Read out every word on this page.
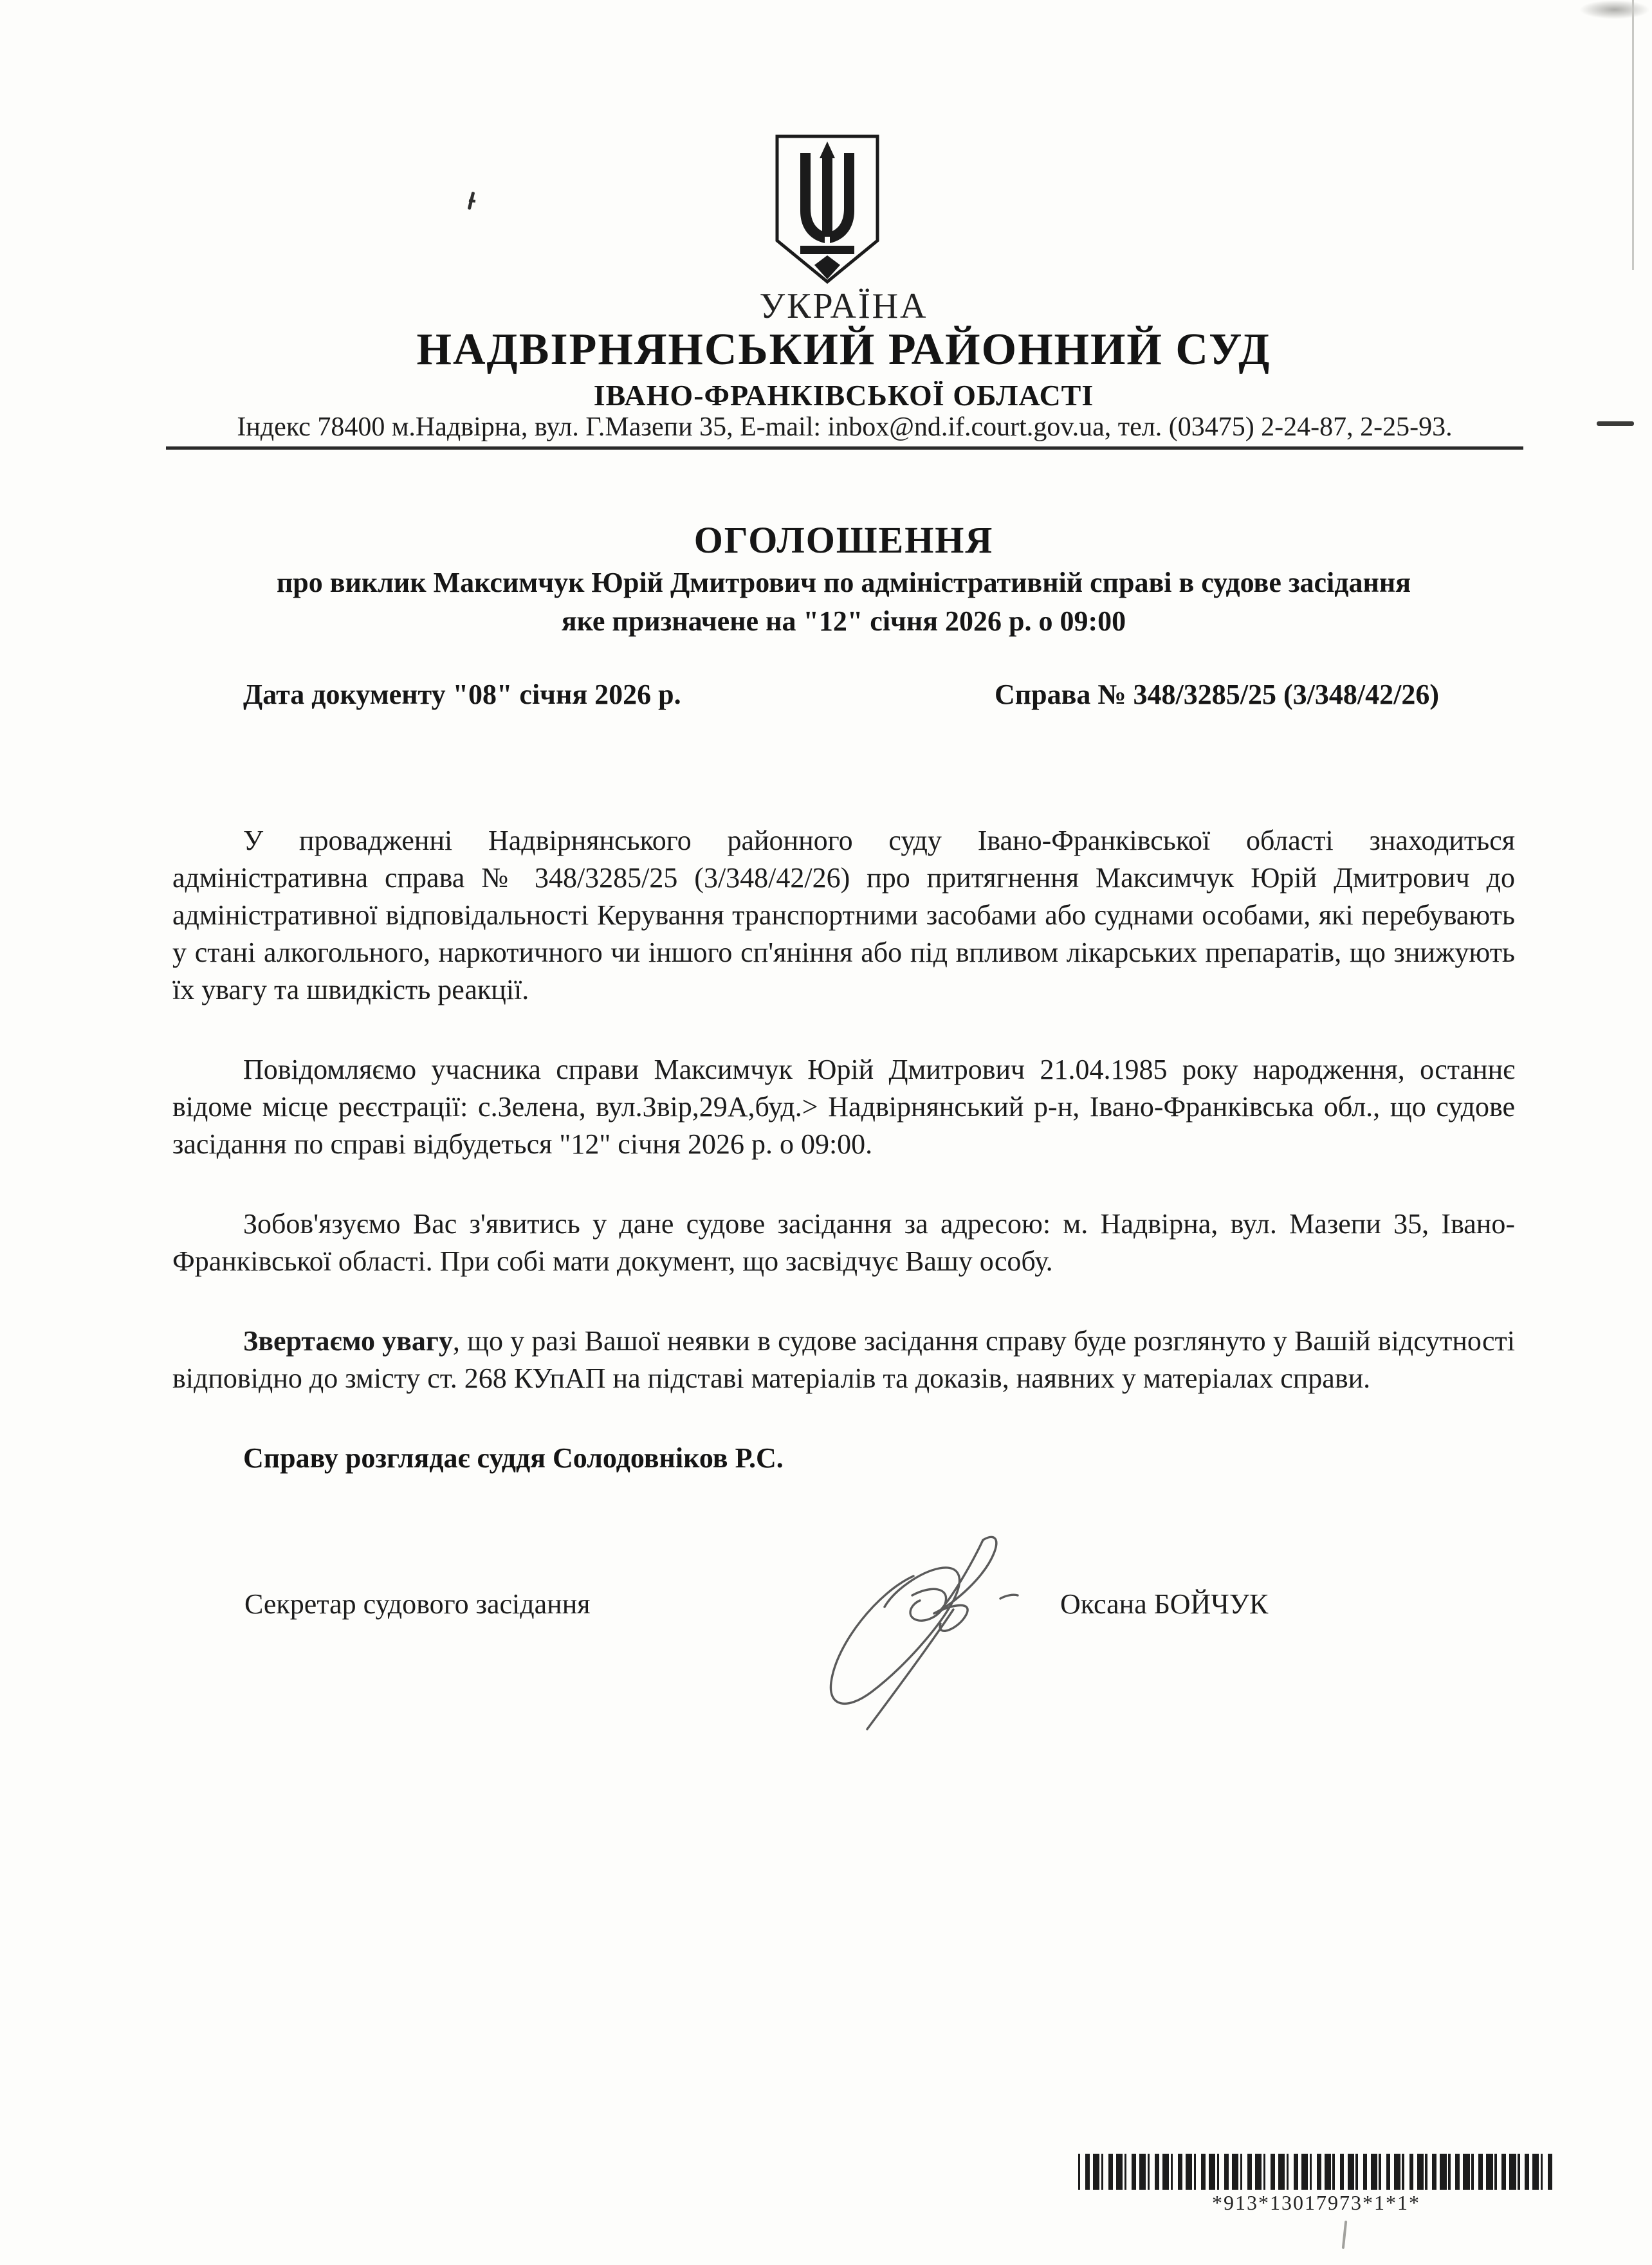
УКРАЇНА
НАДВІРНЯНСЬКИЙ РАЙОННИЙ СУД
ІВАНО-ФРАНКІВСЬКОЇ ОБЛАСТІ
Індекс 78400 м.Надвірна, вул. Г.Мазепи 35, E-mail: inbox@nd.if.court.gov.ua, тел. (03475) 2-24-87, 2-25-93.
ОГОЛОШЕННЯ
про виклик Максимчук Юрій Дмитрович по адміністративній справі в судове засідання
яке призначене на "12" січня 2026 р. о 09:00
Дата документу "08" січня 2026 р.	Справа № 348/3285/25 (3/348/42/26)

У провадженні Надвірнянського районного суду Івано-Франківської області знаходиться адміністративна справа № 348/3285/25 (3/348/42/26) про притягнення Максимчук Юрій Дмитрович до адміністративної відповідальності Керування транспортними засобами або суднами особами, які перебувають у стані алкогольного, наркотичного чи іншого сп'яніння або під впливом лікарських препаратів, що знижують їх увагу та швидкість реакції.

Повідомляємо учасника справи Максимчук Юрій Дмитрович 21.04.1985 року народження, останнє відоме місце реєстрації: с.Зелена, вул.Звір,29А,буд.> Надвірнянський р-н, Івано-Франківська обл., що судове засідання по справі відбудеться "12" січня 2026 р. о 09:00.

Зобов'язуємо Вас з'явитись у дане судове засідання за адресою: м. Надвірна, вул. Мазепи 35, Івано-Франківської області. При собі мати документ, що засвідчує Вашу особу.

Звертаємо увагу, що у разі Вашої неявки в судове засідання справу буде розглянуто у Вашій відсутності відповідно до змісту ст. 268 КУпАП на підставі матеріалів та доказів, наявних у матеріалах справи.

Справу розглядає суддя Солодовніков Р.С.

Секретар судового засідання	Оксана БОЙЧУК
*913*13017973*1*1*
